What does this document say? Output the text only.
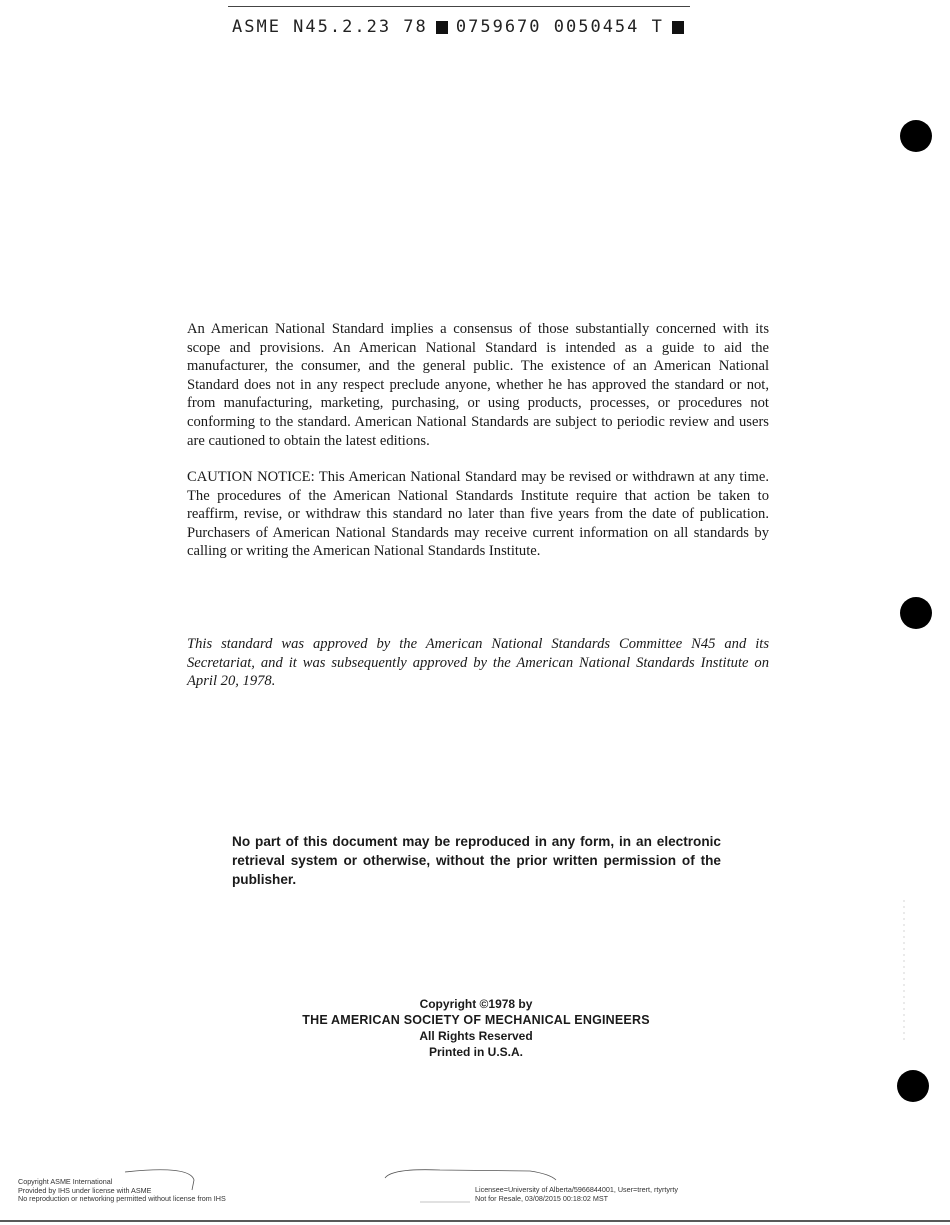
ASME N45.2.23 78 0759670 0050454 T

An American National Standard implies a consensus of those substantially concerned with its scope and provisions. An American National Standard is intended as a guide to aid the manufacturer, the consumer, and the general public. The existence of an American National Standard does not in any respect preclude anyone, whether he has approved the standard or not, from manufacturing, marketing, purchasing, or using products, processes, or procedures not conforming to the standard. American National Standards are subject to periodic review and users are cautioned to obtain the latest editions.

CAUTION NOTICE: This American National Standard may be revised or withdrawn at any time. The procedures of the American National Standards Institute require that action be taken to reaffirm, revise, or withdraw this standard no later than five years from the date of publication. Purchasers of American National Standards may receive current information on all standards by calling or writing the American National Standards Institute.

This standard was approved by the American National Standards Committee N45 and its Secretariat, and it was subsequently approved by the American National Standards Institute on April 20, 1978.

No part of this document may be reproduced in any form, in an electronic retrieval system or otherwise, without the prior written permission of the publisher.

Copyright ©1978 by
THE AMERICAN SOCIETY OF MECHANICAL ENGINEERS
All Rights Reserved
Printed in U.S.A.
Copyright ASME International
Provided by IHS under license with ASME
No reproduction or networking permitted without license from IHS
Licensee=University of Alberta/5966844001, User=trert, rtyrtyrty
Not for Resale, 03/08/2015 00:18:02 MST
